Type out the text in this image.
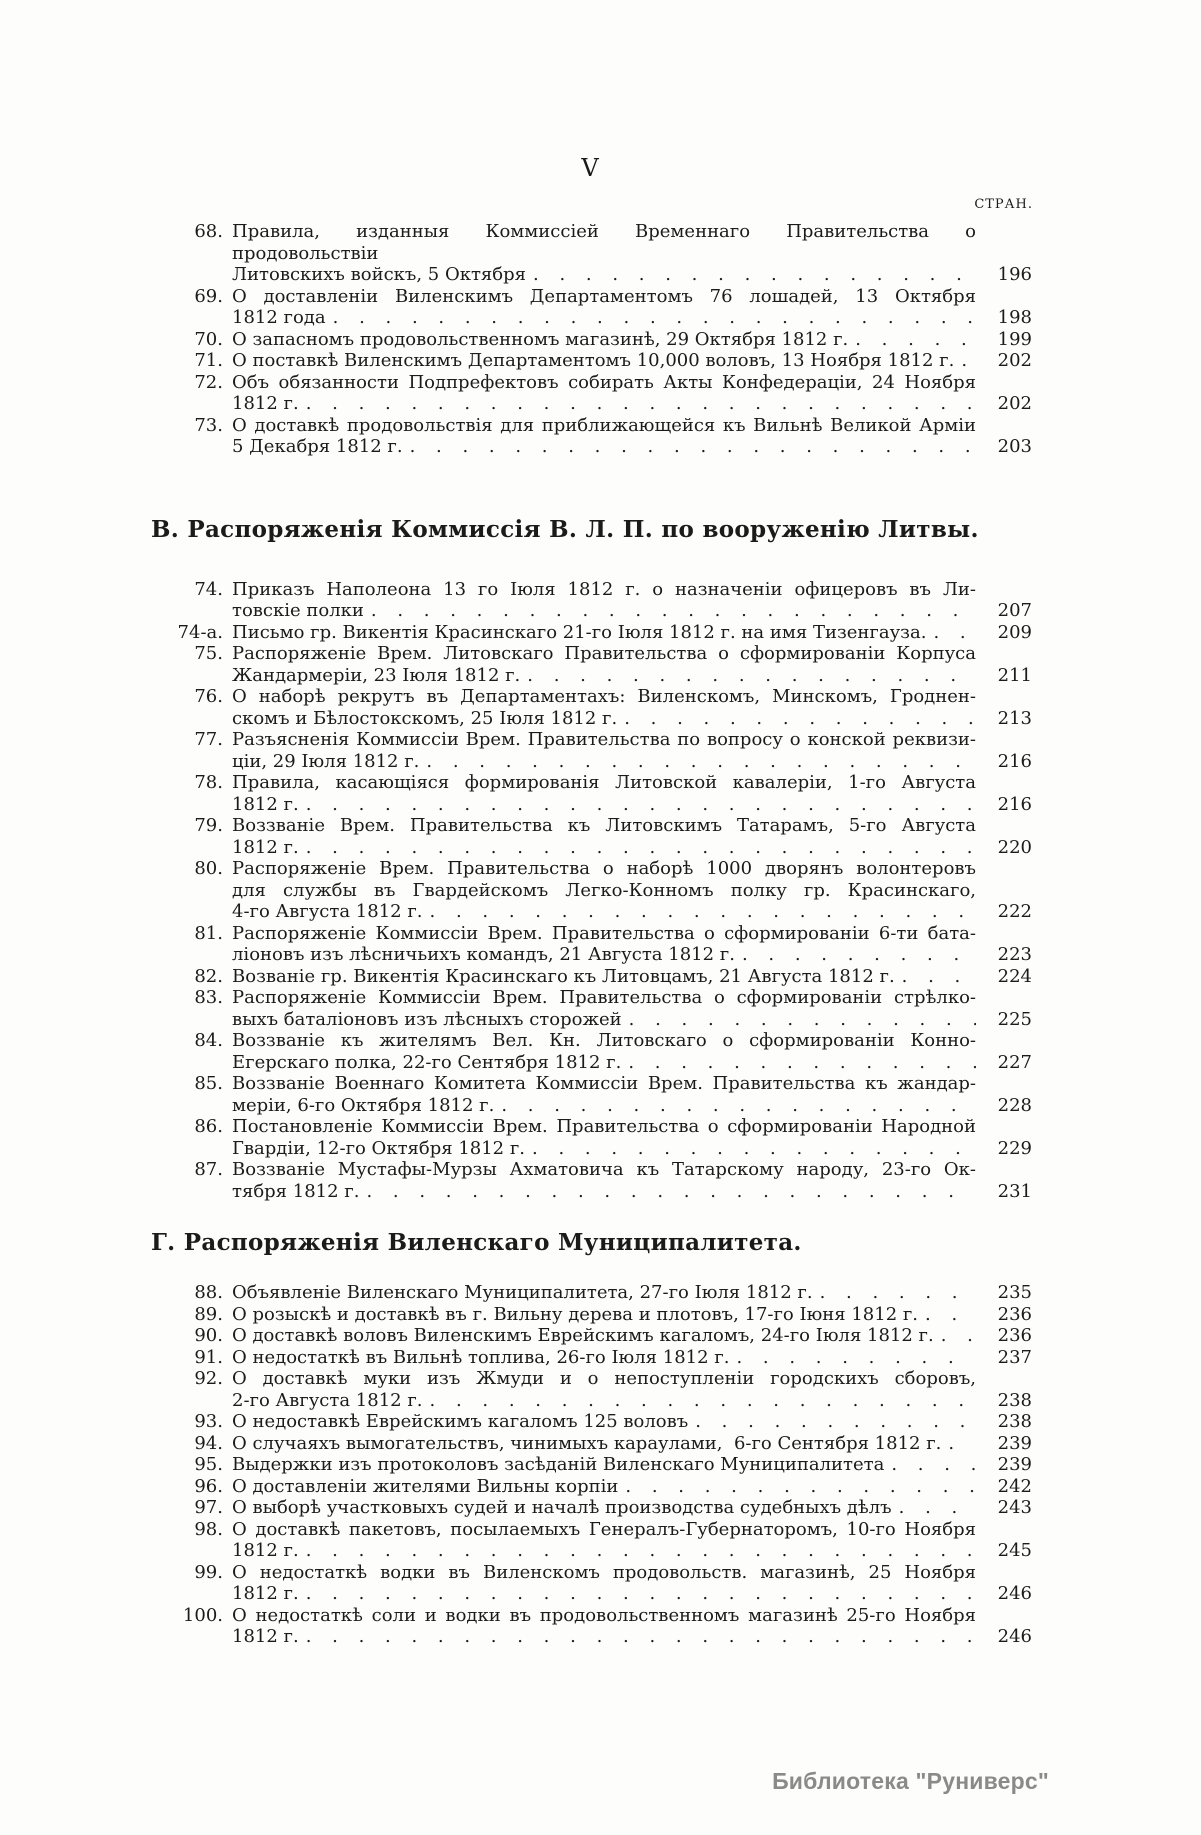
V
СТРАН.
68. Правила, изданныя Коммиссіей Временнаго Правительства о продовольствіи
Литовскихъ войскъ, 5 Октября . . .	196
69. О доставленіи Виленскимъ Департаментомъ 76 лошадей, 13 Октября
1812 года . . .	198
70. О запасномъ продовольственномъ магазинѣ, 29 Октября 1812 г. . . .	199
71. О поставкѣ Виленскимъ Департаментомъ 10,000 воловъ, 13 Ноября 1812 г. . . .	202
72. Объ обязанности Подпрефектовъ собирать Акты Конфедераціи, 24 Ноября
1812 г. . . .	202
73. О доставкѣ продовольствія для приближающейся къ Вильнѣ Великой Арміи
5 Декабря 1812 г. . . .	203
В. Распоряженія Коммиссія В. Л. П. по вооруженію Литвы.
74. Приказъ Наполеона 13 го Іюля 1812 г. о назначеніи офицеровъ въ Ли-
товскіе полки . . .	207
74-а. Письмо гр. Викентія Красинскаго 21-го Іюля 1812 г. на имя Тизенгауза. . . .	209
75. Распоряженіе Врем. Литовскаго Правительства о сформированіи Корпуса
Жандармеріи, 23 Іюля 1812 г. . . .	211
76. О наборѣ рекрутъ въ Департаментахъ: Виленскомъ, Минскомъ, Гроднен-
скомъ и Бѣлостокскомъ, 25 Іюля 1812 г. . . .	213
77. Разъясненія Коммиссіи Врем. Правительства по вопросу о конской реквизи-
ціи, 29 Іюля 1812 г. . . .	216
78. Правила, касающіяся формированія Литовской кавалеріи, 1-го Августа
1812 г. . . .	216
79. Воззваніе Врем. Правительства къ Литовскимъ Татарамъ, 5-го Августа
1812 г. . . .	220
80. Распоряженіе Врем. Правительства о наборѣ 1000 дворянъ волонтеровъ
для службы въ Гвардейскомъ Легко-Конномъ полку гр. Красинскаго,
4-го Августа 1812 г. . . .	222
81. Распоряженіе Коммиссіи Врем. Правительства о сформированіи 6-ти бата-
ліоновъ изъ лѣсничьихъ командъ, 21 Августа 1812 г. . . .	223
82. Возваніе гр. Викентія Красинскаго къ Литовцамъ, 21 Августа 1812 г. . . .	224
83. Распоряженіе Коммиссіи Врем. Правительства о сформированіи стрѣлко-
выхъ баталіоновъ изъ лѣсныхъ сторожей . . .	225
84. Воззваніе къ жителямъ Вел. Кн. Литовскаго о сформированіи Конно-
Егерскаго полка, 22-го Сентября 1812 г. . . .	227
85. Воззваніе Военнаго Комитета Коммиссіи Врем. Правительства къ жандар-
меріи, 6-го Октября 1812 г. . . .	228
86. Постановленіе Коммиссіи Врем. Правительства о сформированіи Народной
Гвардіи, 12-го Октября 1812 г. . . .	229
87. Воззваніе Мустафы-Мурзы Ахматовича къ Татарскому народу, 23-го Ок-
тября 1812 г. . . .	231
Г. Распоряженія Виленскаго Муниципалитета.
88. Объявленіе Виленскаго Муниципалитета, 27-го Іюля 1812 г. . . .	235
89. О розыскѣ и доставкѣ въ г. Вильну дерева и плотовъ, 17-го Іюня 1812 г. . . .	236
90. О доставкѣ воловъ Виленскимъ Еврейскимъ кагаломъ, 24-го Іюля 1812 г. . . .	236
91. О недостаткѣ въ Вильнѣ топлива, 26-го Іюля 1812 г. . . .	237
92. О доставкѣ муки изъ Жмуди и о непоступленіи городскихъ сборовъ,
2-го Августа 1812 г. . . .	238
93. О недоставкѣ Еврейскимъ кагаломъ 125 воловъ . . .	238
94. О случаяхъ вымогательствъ, чинимыхъ караулами,  6-го Сентября 1812 г. . . .	239
95. Выдержки изъ протоколовъ засѣданій Виленскаго Муниципалитета . . .	239
96. О доставленіи жителями Вильны корпіи . . .	242
97. О выборѣ участковыхъ судей и началѣ производства судебныхъ дѣлъ . . .	243
98. О доставкѣ пакетовъ, посылаемыхъ Генералъ-Губернаторомъ, 10-го Ноября
1812 г. . . .	245
99. О недостаткѣ водки въ Виленскомъ продовольств. магазинѣ, 25 Ноября
1812 г. . . .	246
100. О недостаткѣ соли и водки въ продовольственномъ магазинѣ 25-го Ноября
1812 г. . . .	246
Библиотека "Руниверс"
